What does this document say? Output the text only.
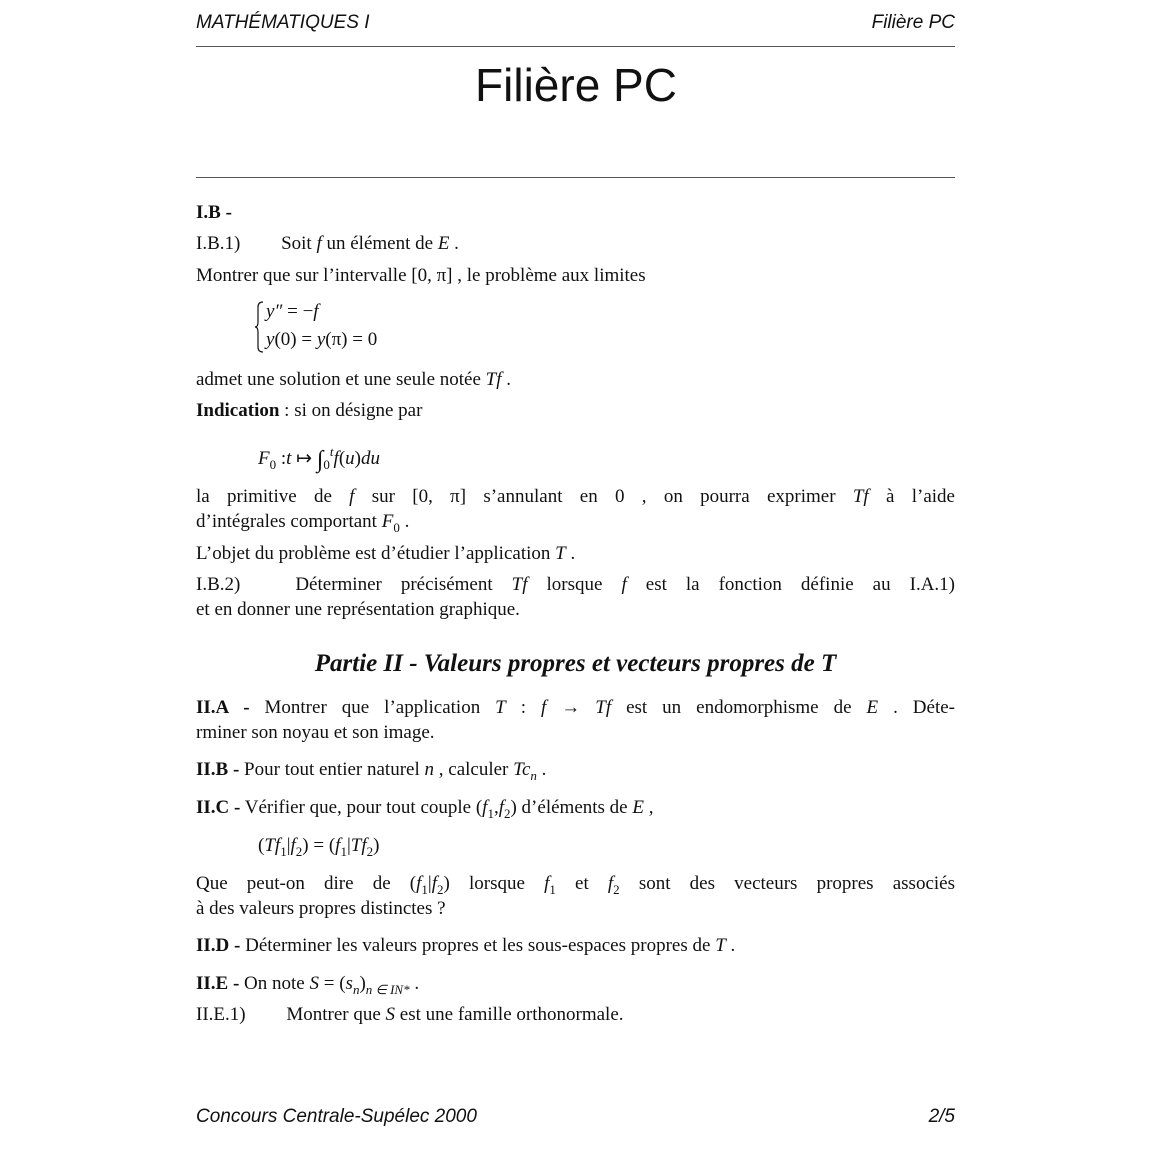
MATHÉMATIQUES I	Filière PC
Filière PC
I.B -
I.B.1) Soit f un élément de E .
Montrer que sur l’intervalle [0, π] , le problème aux limites
y″ = −f
y(0) = y(π) = 0
admet une solution et une seule notée Tf .
Indication : si on désigne par
$F_0$ :t ↦ $\int_0^tf(u)du$
la primitive de f sur [0, π] s’annulant en 0 , on pourra exprimer Tf à l’aide
d’intégrales comportant $F_0$ .
L’objet du problème est d’étudier l’application T .
I.B.2) Déterminer précisément Tf lorsque f est la fonction définie au I.A.1)
et en donner une représentation graphique.
II.A - Montrer que l’application T : f → Tf est un endomorphisme de E . Déte-
rminer son noyau et son image.
II.B - Pour tout entier naturel n , calculer $Tc_n$ .
II.C - Vérifier que, pour tout couple $(f_1,f_2)$ d’éléments de E ,
$(Tf_1|f_2) = (f_1|Tf_2)$
Que peut-on dire de $(f_1|f_2)$ lorsque $f_1$ et $f_2$ sont des vecteurs propres associés
à des valeurs propres distinctes ?
II.D - Déterminer les valeurs propres et les sous-espaces propres de T .
II.E - On note $S = (s_n)_{n \in IN*}$ .
II.E.1) Montrer que S est une famille orthonormale.
Partie II - Valeurs propres et vecteurs propres de T
Concours Centrale-Supélec 2000	2/5
